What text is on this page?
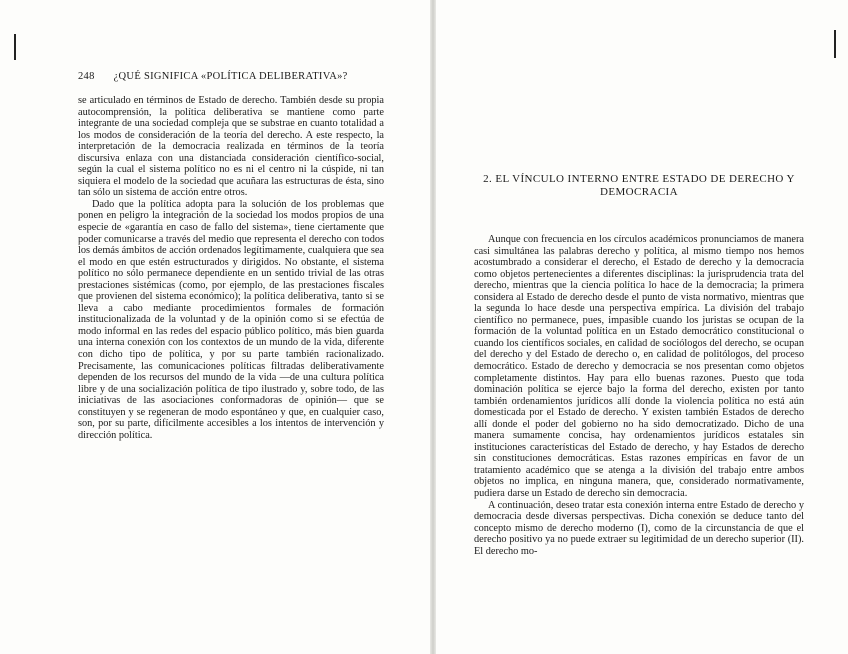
248 ¿QUÉ SIGNIFICA «POLÍTICA DELIBERATIVA»?

se articulado en términos de Estado de derecho. También desde su propia autocomprensión, la política deliberativa se mantiene como parte integrante de una sociedad compleja que se substrae en cuanto totalidad a los modos de consideración de la teoría del derecho. A este respecto, la interpretación de la democracia realizada en términos de la teoría discursiva enlaza con una distanciada consideración científico-social, según la cual el sistema político no es ni el centro ni la cúspide, ni tan siquiera el modelo de la sociedad que acuñara las estructuras de ésta, sino tan sólo un sistema de acción entre otros.

Dado que la política adopta para la solución de los problemas que ponen en peligro la integración de la sociedad los modos propios de una especie de «garantía en caso de fallo del sistema», tiene ciertamente que poder comunicarse a través del medio que representa el derecho con todos los demás ámbitos de acción ordenados legítimamente, cualquiera que sea el modo en que estén estructurados y dirigidos. No obstante, el sistema político no sólo permanece dependiente en un sentido trivial de las otras prestaciones sistémicas (como, por ejemplo, de las prestaciones fiscales que provienen del sistema económico); la política deliberativa, tanto si se lleva a cabo mediante procedimientos formales de formación institucionalizada de la voluntad y de la opinión como si se efectúa de modo informal en las redes del espacio público político, más bien guarda una interna conexión con los contextos de un mundo de la vida, diferente con dicho tipo de política, y por su parte también racionalizado. Precisamente, las comunicaciones políticas filtradas deliberativamente dependen de los recursos del mundo de la vida —de una cultura política libre y de una socialización política de tipo ilustrado y, sobre todo, de las iniciativas de las asociaciones conformadoras de opinión— que se constituyen y se regeneran de modo espontáneo y que, en cualquier caso, son, por su parte, difícilmente accesibles a los intentos de intervención y dirección política.

2. EL VÍNCULO INTERNO ENTRE ESTADO DE DERECHO Y DEMOCRACIA

Aunque con frecuencia en los círculos académicos pronunciamos de manera casi simultánea las palabras derecho y política, al mismo tiempo nos hemos acostumbrado a considerar el derecho, el Estado de derecho y la democracia como objetos pertenecientes a diferentes disciplinas: la jurisprudencia trata del derecho, mientras que la ciencia política lo hace de la democracia; la primera considera al Estado de derecho desde el punto de vista normativo, mientras que la segunda lo hace desde una perspectiva empírica. La división del trabajo científico no permanece, pues, impasible cuando los juristas se ocupan de la formación de la voluntad política en un Estado democrático constitucional o cuando los científicos sociales, en calidad de sociólogos del derecho, se ocupan del derecho y del Estado de derecho o, en calidad de politólogos, del proceso democrático. Estado de derecho y democracia se nos presentan como objetos completamente distintos. Hay para ello buenas razones. Puesto que toda dominación política se ejerce bajo la forma del derecho, existen por tanto también ordenamientos jurídicos allí donde la violencia política no está aún domesticada por el Estado de derecho. Y existen también Estados de derecho allí donde el poder del gobierno no ha sido democratizado. Dicho de una manera sumamente concisa, hay ordenamientos jurídicos estatales sin instituciones características del Estado de derecho, y hay Estados de derecho sin constituciones democráticas. Estas razones empíricas en favor de un tratamiento académico que se atenga a la división del trabajo entre ambos objetos no implica, en ninguna manera, que, considerado normativamente, pudiera darse un Estado de derecho sin democracia.

A continuación, deseo tratar esta conexión interna entre Estado de derecho y democracia desde diversas perspectivas. Dicha conexión se deduce tanto del concepto mismo de derecho moderno (I), como de la circunstancia de que el derecho positivo ya no puede extraer su legitimidad de un derecho superior (II). El derecho mo-
